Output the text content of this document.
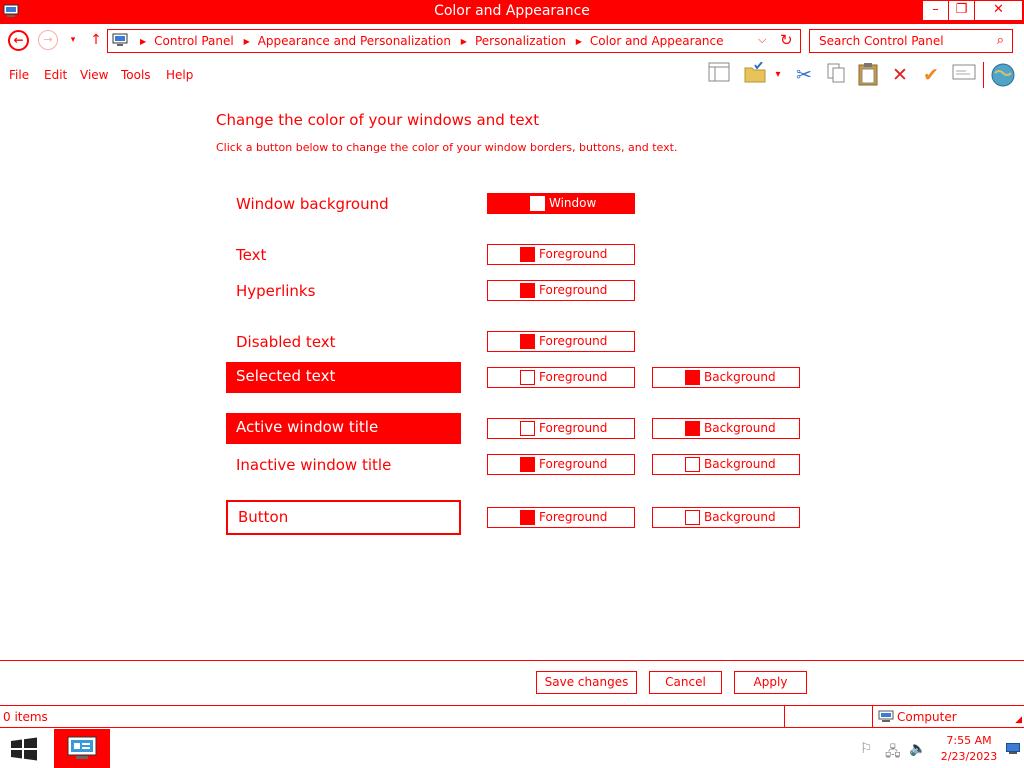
Color and Appearance	–	❐	✕
←	→	▾	↑	▶ Control Panel ▶ Appearance and Personalization ▶ Personalization ▶ Color and Appearance	⌵ ↻ Search Control Panel	⌕
File Edit View Tools Help	▾ ✂	✕ ✔
Change the color of your windows and text
Click a button below to change the color of your window borders, buttons, and text.
Window background	Window
Text	Foreground
Hyperlinks	Foreground
Disabled text	Foreground
Selected text	Foreground	Background
Active window title	Foreground	Background
Inactive window title	Foreground	Background
Button	Foreground	Background
Save changes	Cancel	Apply
0 items	Computer	◢
⚐ 🖧 🔈
7:55 AM
2/23/2023
